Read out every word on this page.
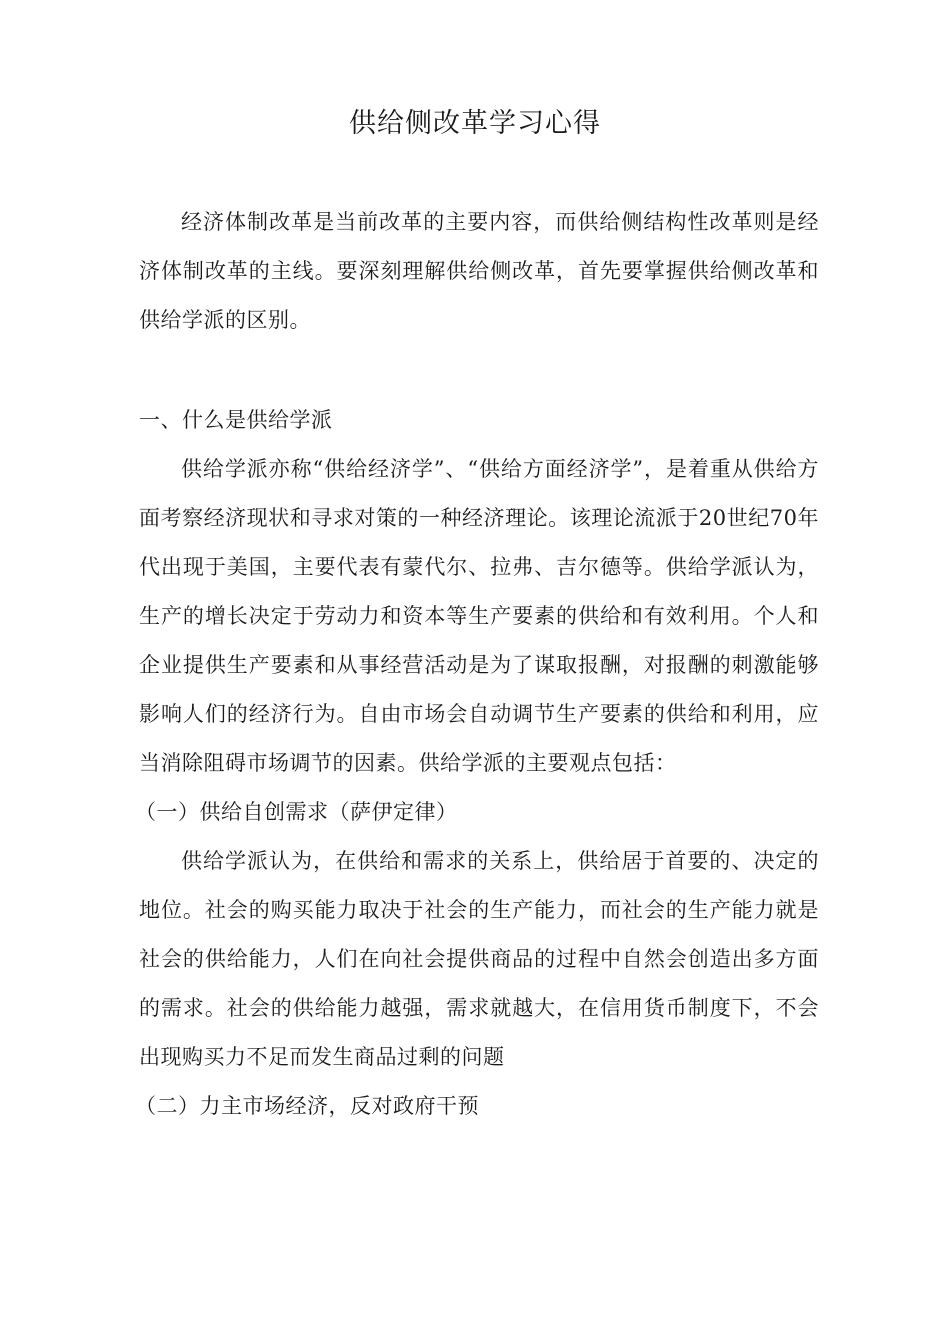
供给侧改革学习心得

经济体制改革是当前改革的主要内容，而供给侧结构性改革则是经济体制改革的主线。要深刻理解供给侧改革，首先要掌握供给侧改革和供给学派的区别。

一、什么是供给学派

供给学派亦称“供给经济学”、“供给方面经济学”，是着重从供给方面考察经济现状和寻求对策的一种经济理论。该理论流派于20世纪70年代出现于美国，主要代表有蒙代尔、拉弗、吉尔德等。供给学派认为，生产的增长决定于劳动力和资本等生产要素的供给和有效利用。个人和企业提供生产要素和从事经营活动是为了谋取报酬，对报酬的刺激能够影响人们的经济行为。自由市场会自动调节生产要素的供给和利用，应当消除阻碍市场调节的因素。供给学派的主要观点包括：

（一）供给自创需求（萨伊定律）

供给学派认为，在供给和需求的关系上，供给居于首要的、决定的地位。社会的购买能力取决于社会的生产能力，而社会的生产能力就是社会的供给能力，人们在向社会提供商品的过程中自然会创造出多方面的需求。社会的供给能力越强，需求就越大，在信用货币制度下，不会出现购买力不足而发生商品过剩的问题

（二）力主市场经济，反对政府干预
